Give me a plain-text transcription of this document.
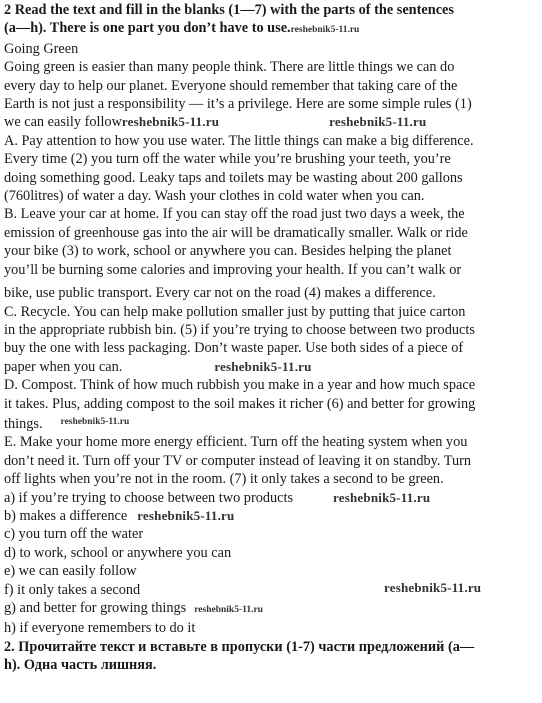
2 Read the text and fill in the blanks (1—7) with the parts of the sentences
(a—h). There is one part you don’t have to use.reshebnik5-11.ru
Going Green
Going green is easier than many people think. There are little things we can do
every day to help our planet. Everyone should remember that taking care of the
Earth is not just a responsibility — it’s a privilege. Here are some simple rules (1)
we can easily followreshebnik5-11.ru	reshebnik5-11.ru
A. Pay attention to how you use water. The little things can make a big difference.
Every time (2) you turn off the water while you’re brushing your teeth, you’re
doing something good. Leaky taps and toilets may be wasting about 200 gallons
(760litres) of water a day. Wash your clothes in cold water when you can.
B. Leave your car at home. If you can stay off the road just two days a week, the
emission of greenhouse gas into the air will be dramatically smaller. Walk or ride
your bike (3) to work, school or anywhere you can. Besides helping the planet
you’ll be burning some calories and improving your health. If you can’t walk or
bike, use public transport. Every car not on the road (4) makes a difference.
C. Recycle. You can help make pollution smaller just by putting that juice carton
in the appropriate rubbish bin. (5) if you’re trying to choose between two products
buy the one with less packaging. Don’t waste paper. Use both sides of a piece of
paper when you can.	reshebnik5-11.ru
D. Compost. Think of how much rubbish you make in a year and how much space
it takes. Plus, adding compost to the soil makes it richer (6) and better for growing
things. $^{reshebnik5-11.ru}$
E. Make your home more energy efficient. Turn off the heating system when you
don’t need it. Turn off your TV or computer instead of leaving it on standby. Turn
off lights when you’re not in the room. (7) it only takes a second to be green.
a) if you’re trying to choose between two products	reshebnik5-11.ru
b) makes a difference reshebnik5-11.ru
c) you turn off the water
d) to work, school or anywhere you can
e) we can easily follow
f) it only takes a second
g) and better for growing things reshebnik5-11.ru
h) if everyone remembers to do it
2. Прочитайте текст и вставьте в пропуски (1-7) части предложений (a—
h). Одна часть лишняя.
reshebnik5-11.ru
